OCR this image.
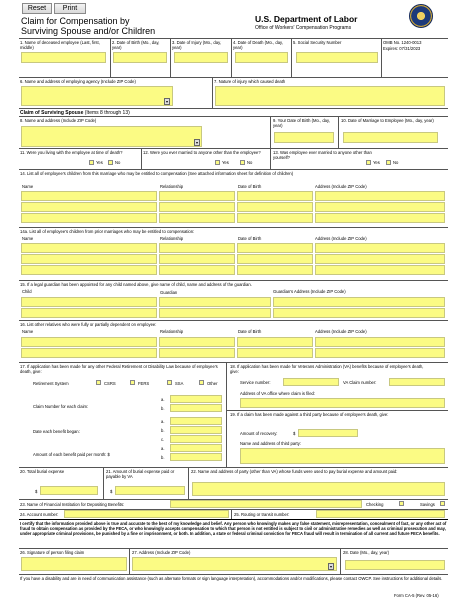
Reset	Print
Claim for Compensation by
Surviving Spouse and/or Children
U.S. Department of Labor
Office of Workers' Compensation Programs
1. Name of deceased employee (Last, first, middle)
2. Date of Birth (Mo., day, year)
3. Date of Injury (Mo., day, year)
4. Date of Death (Mo., day, year)
5. Social Security Number	OMB No. 1240-0013
Expires: 07/31/2023
6. Name and address of employing agency (Include ZIP Code)	7. Nature of injury which caused death
▾
Claim of Surviving Spouse (Items 8 through 13)
8. Name and address (Include ZIP Code)	9. Your Date of Birth (Mo., day, year)
10. Date of Marriage to Employee (Mo., day, year)
▾
11. Were you living with the employee at time of death?
Yes	No
12. Were you ever married to anyone other than the employee?
Yes	No
13. Was employee ever married to anyone other than yourself?
Yes	No
14. List all of employee's children from this marriage who may be entitled to compensation (See attached information sheet for definition of children)
Name	Relationship	Date of Birth	Address (Include ZIP Code)
14a. List all of employee's children from prior marriages who may be entitled to compensation:
Name	Relationship	Date of Birth	Address (Include ZIP Code)
15. If a legal guardian has been appointed for any child named above, give name of child, name and address of the guardian.
Child	Guardian	Guardian's Address (Include ZIP Code)
16. List other relatives who were fully or partially dependent on employee:
Name	Relationship	Date of Birth	Address (Include ZIP Code)
17. If application has been made for any other Federal Retirement or Disability Law because of employee's death, give:
Retirement System	CSRS	FERS	SSA	Other
Claim Number for each claim:
a.
b.
Date each benefit began:
a.
b.
c.
Amount of each benefit paid per month: $
a.
b.
18. If application has been made for Veterans Administration (VA) benefits because of employee's death, give:
Service number:	VA Claim number:
Address of VA office where claim is filed:
19. If a claim has been made against a third party because of employee's death, give:
Amount of recovery:	$
Name and address of third party:
20. Total burial expense
$
21. Amount of burial expense paid or payable by VA
$
22. Name and address of party (other than VA) whose funds were used to pay burial expense and amount paid:
23. Name of Financial Institution for Depositing Benefits:	Checking	Savings
24. Account number:	25. Routing or transit number:
I certify that the information provided above is true and accurate to the best of my knowledge and belief. Any person who knowingly makes any false statement, misrepresentation, concealment of fact, or any other act of fraud to obtain compensation as provided by the FECA, or who knowingly accepts compensation to which that person is not entitled is subject to civil or administrative remedies as well as criminal prosecution and may, under appropriate criminal provisions, be punished by a fine or imprisonment, or both. In addition, a state or federal criminal conviction for FECA fraud will result in termination of all current and future FECA benefits.
26. Signature of person filing claim	27. Address (Include ZIP Code)
▾
28. Date (Mo., day, year)
If you have a disability and are in need of communication assistance (such as alternate formats or sign language interpretation), accommodations and/or modifications, please contact OWCP. See instructions for additional details.
Form CA-5 (Rev. 05-16)
